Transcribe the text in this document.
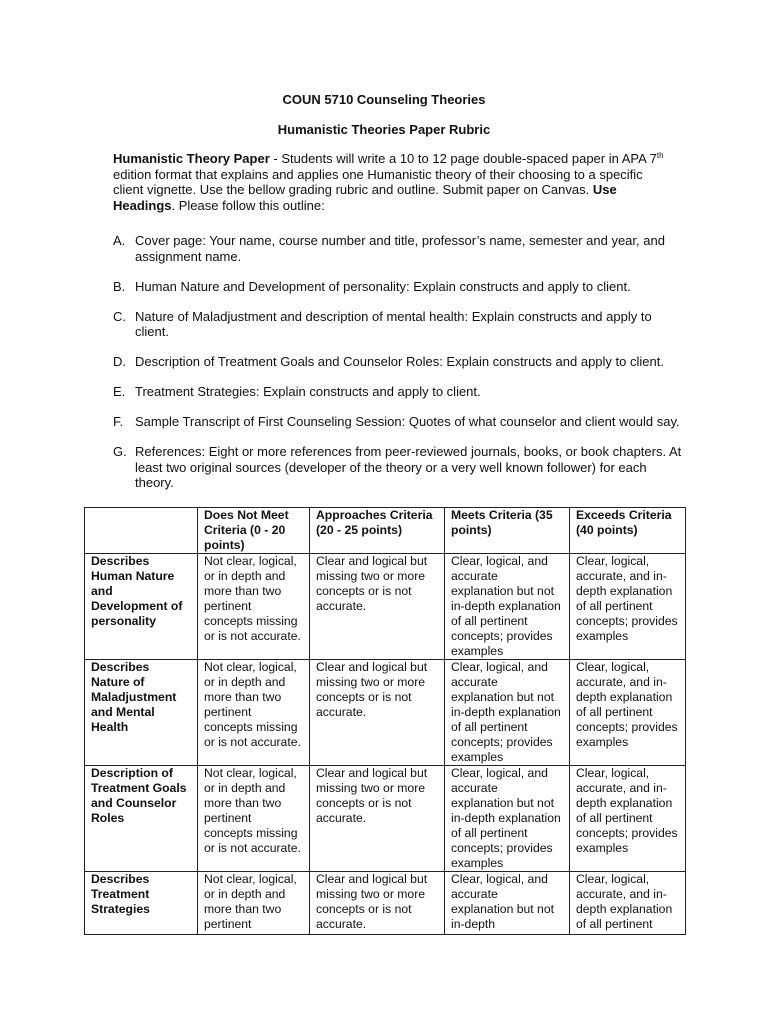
COUN 5710 Counseling Theories
Humanistic Theories Paper Rubric
Humanistic Theory Paper - Students will write a 10 to 12 page double-spaced paper in APA 7th edition format that explains and applies one Humanistic theory of their choosing to a specific client vignette. Use the bellow grading rubric and outline. Submit paper on Canvas. Use Headings. Please follow this outline:
A. Cover page: Your name, course number and title, professor’s name, semester and year, and assignment name.
B. Human Nature and Development of personality: Explain constructs and apply to client.
C. Nature of Maladjustment and description of mental health: Explain constructs and apply to client.
D. Description of Treatment Goals and Counselor Roles: Explain constructs and apply to client.
E. Treatment Strategies: Explain constructs and apply to client.
F. Sample Transcript of First Counseling Session: Quotes of what counselor and client would say.
G. References: Eight or more references from peer-reviewed journals, books, or book chapters. At least two original sources (developer of the theory or a very well known follower) for each theory.
	Does Not Meet Criteria (0 - 20 points)	Approaches Criteria (20 - 25 points)	Meets Criteria (35 points)	Exceeds Criteria (40 points)
Describes Human Nature and Development of personality	Not clear, logical, or in depth and more than two pertinent concepts missing or is not accurate.	Clear and logical but missing two or more concepts or is not accurate.	Clear, logical, and accurate explanation but not in-depth explanation of all pertinent concepts; provides examples	Clear, logical, accurate, and in-depth explanation of all pertinent concepts; provides examples
Describes Nature of Maladjustment and Mental Health	Not clear, logical, or in depth and more than two pertinent concepts missing or is not accurate.	Clear and logical but missing two or more concepts or is not accurate.	Clear, logical, and accurate explanation but not in-depth explanation of all pertinent concepts; provides examples	Clear, logical, accurate, and in-depth explanation of all pertinent concepts; provides examples
Description of Treatment Goals and Counselor Roles	Not clear, logical, or in depth and more than two pertinent concepts missing or is not accurate.	Clear and logical but missing two or more concepts or is not accurate.	Clear, logical, and accurate explanation but not in-depth explanation of all pertinent concepts; provides examples	Clear, logical, accurate, and in-depth explanation of all pertinent concepts; provides examples
Describes Treatment Strategies	Not clear, logical, or in depth and more than two pertinent	Clear and logical but missing two or more concepts or is not accurate.	Clear, logical, and accurate explanation but not in-depth	Clear, logical, accurate, and in-depth explanation of all pertinent
